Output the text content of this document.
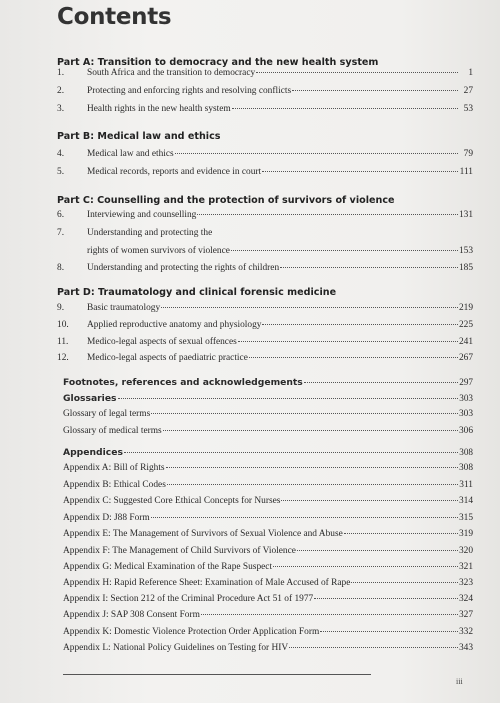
Contents
Part A: Transition to democracy and the new health system
1.	South Africa and the transition to democracy	1
2.	Protecting and enforcing rights and resolving conflicts	27
3.	Health rights in the new health system	53
Part B: Medical law and ethics
4.	Medical law and ethics	79
5.	Medical records, reports and evidence in court	111
Part C: Counselling and the protection of survivors of violence
6.	Interviewing and counselling	131
7.	Understanding and protecting the
rights of women survivors of violence	153
8.	Understanding and protecting the rights of children	185
Part D: Traumatology and clinical forensic medicine
9.	Basic traumatology	219
10.	Applied reproductive anatomy and physiology	225
11.	Medico-legal aspects of sexual offences	241
12.	Medico-legal aspects of paediatric practice	267
Footnotes, references and acknowledgements	297
Glossaries	303
Glossary of legal terms	303
Glossary of medical terms	306
Appendices	308
Appendix A: Bill of Rights	308
Appendix B: Ethical Codes	311
Appendix C: Suggested Core Ethical Concepts for Nurses	314
Appendix D: J88 Form	315
Appendix E: The Management of Survivors of Sexual Violence and Abuse	319
Appendix F: The Management of Child Survivors of Violence	320
Appendix G: Medical Examination of the Rape Suspect	321
Appendix H: Rapid Reference Sheet: Examination of Male Accused of Rape	323
Appendix I: Section 212 of the Criminal Procedure Act 51 of 1977	324
Appendix J: SAP 308 Consent Form	327
Appendix K: Domestic Violence Protection Order Application Form	332
Appendix L: National Policy Guidelines on Testing for HIV	343
iii
